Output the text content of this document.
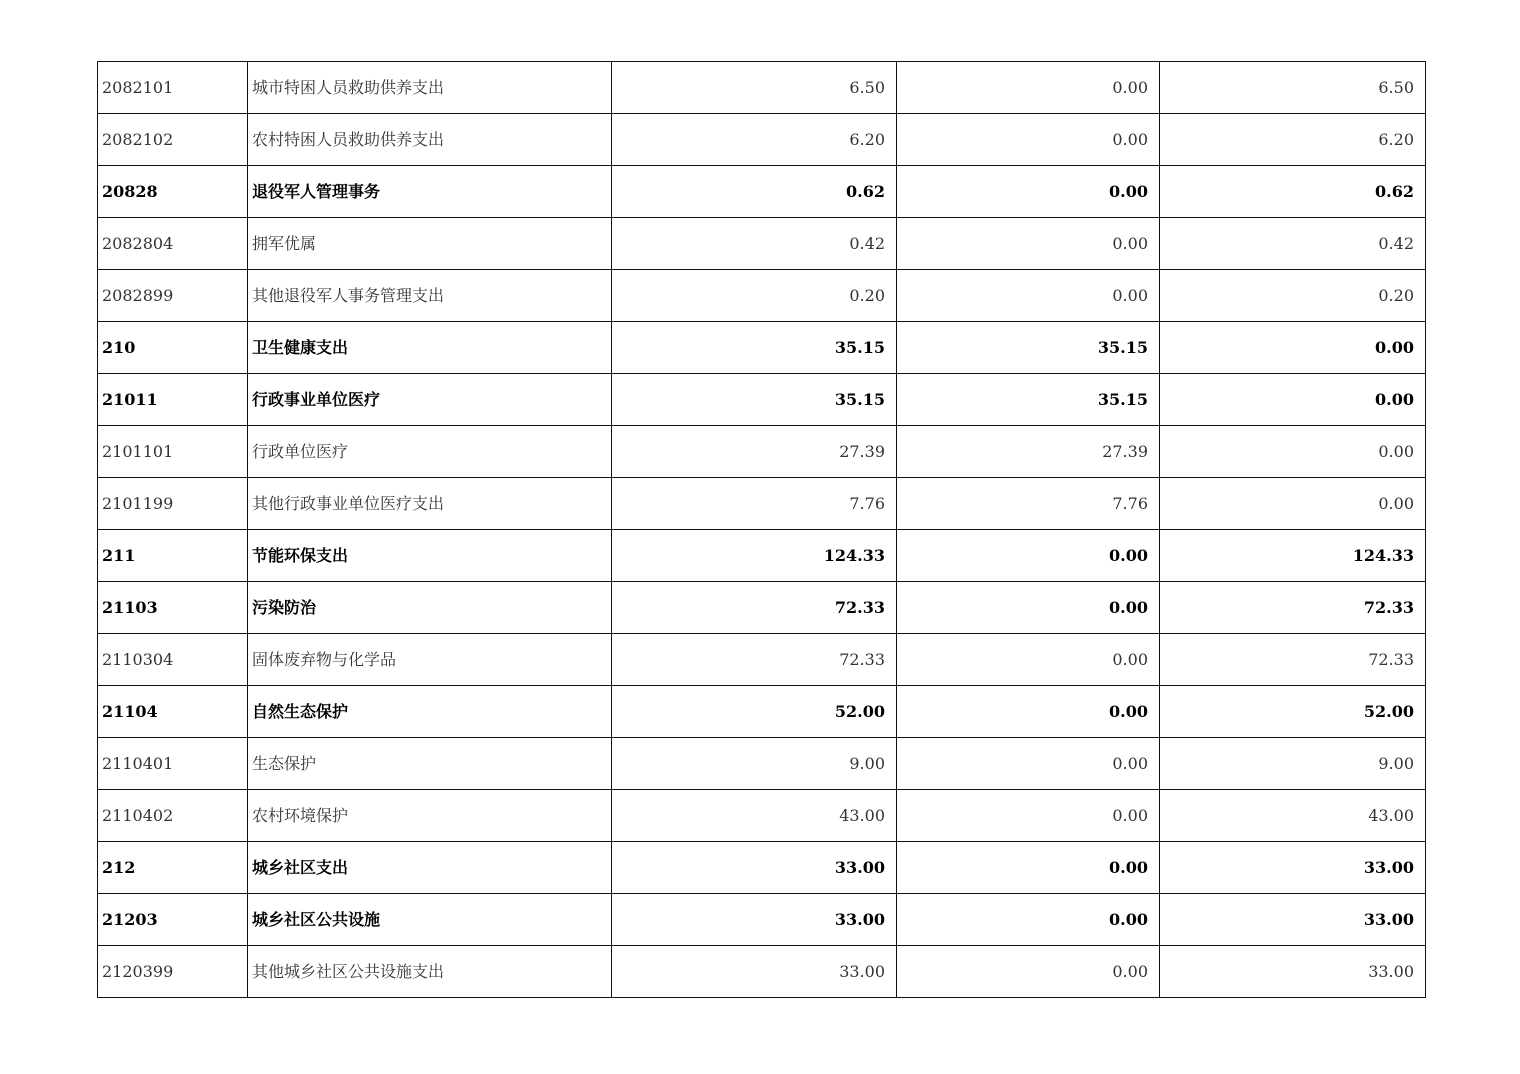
2082101	城市特困人员救助供养支出	6.50	0.00	6.50
2082102	农村特困人员救助供养支出	6.20	0.00	6.20
20828	退役军人管理事务	0.62	0.00	0.62
2082804	拥军优属	0.42	0.00	0.42
2082899	其他退役军人事务管理支出	0.20	0.00	0.20
210	卫生健康支出	35.15	35.15	0.00
21011	行政事业单位医疗	35.15	35.15	0.00
2101101	行政单位医疗	27.39	27.39	0.00
2101199	其他行政事业单位医疗支出	7.76	7.76	0.00
211	节能环保支出	124.33	0.00	124.33
21103	污染防治	72.33	0.00	72.33
2110304	固体废弃物与化学品	72.33	0.00	72.33
21104	自然生态保护	52.00	0.00	52.00
2110401	生态保护	9.00	0.00	9.00
2110402	农村环境保护	43.00	0.00	43.00
212	城乡社区支出	33.00	0.00	33.00
21203	城乡社区公共设施	33.00	0.00	33.00
2120399	其他城乡社区公共设施支出	33.00	0.00	33.00
